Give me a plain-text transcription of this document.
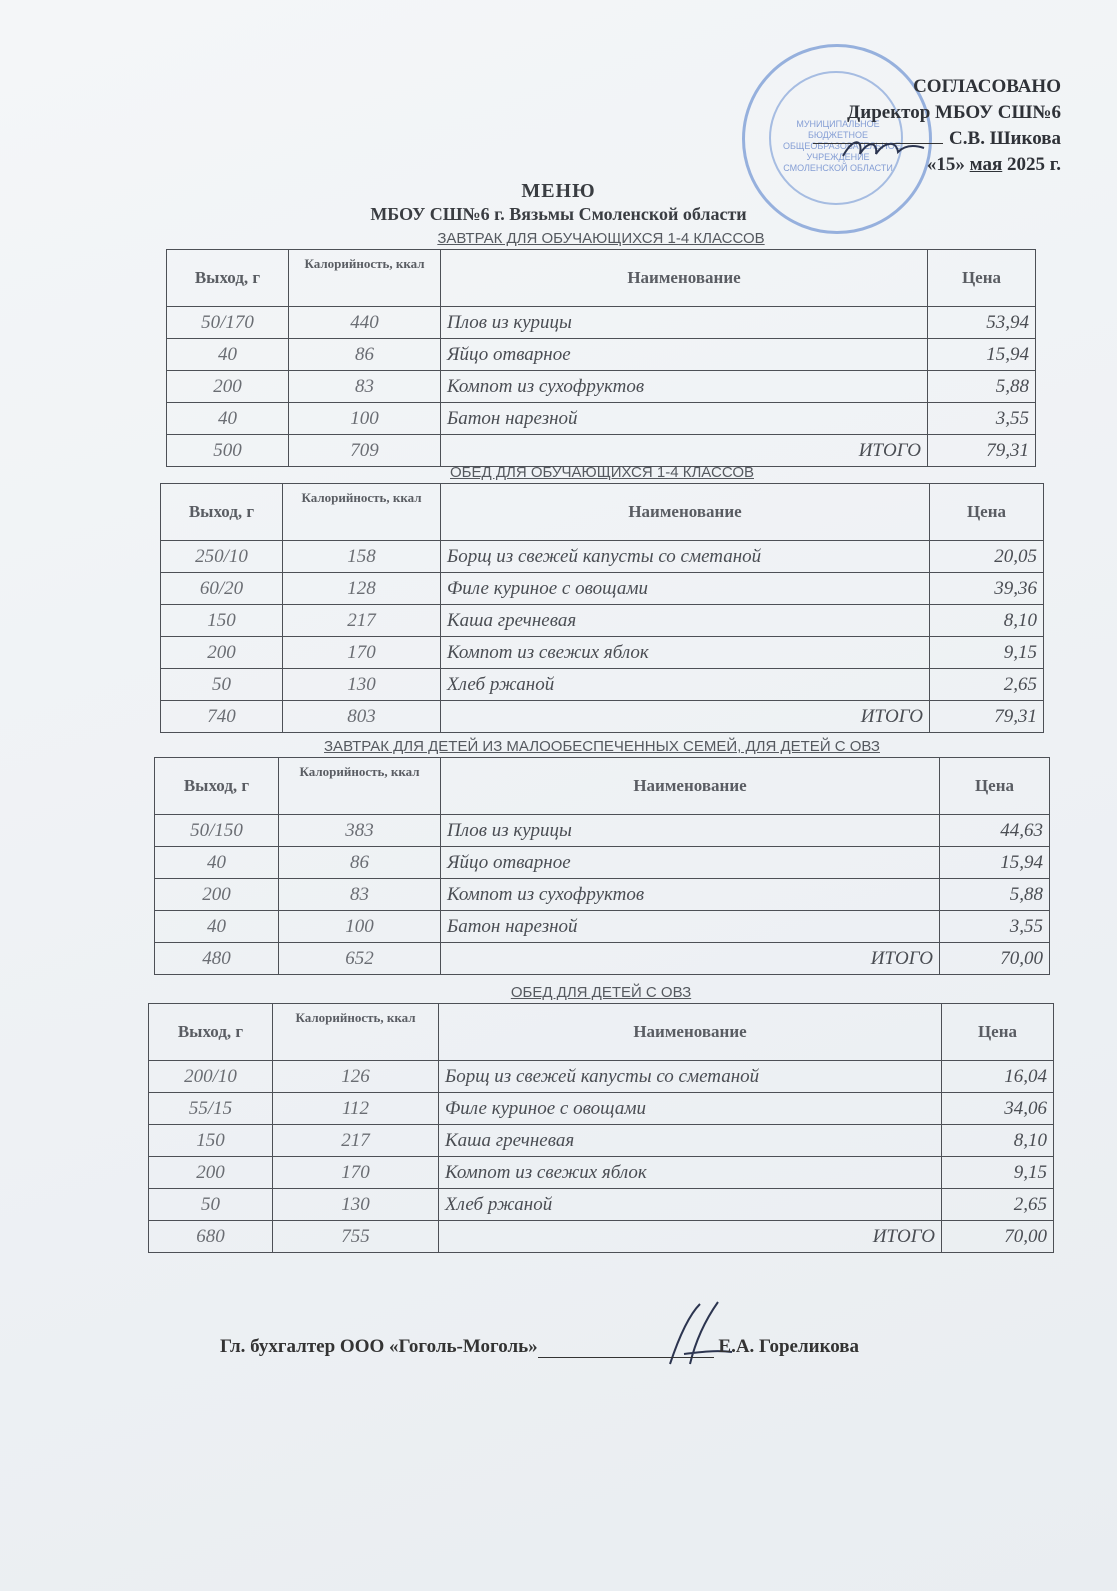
МУНИЦИПАЛЬНОЕ БЮДЖЕТНОЕ ОБЩЕОБРАЗОВАТЕЛЬНОЕ УЧРЕЖДЕНИЕ СМОЛЕНСКОЙ ОБЛАСТИ
СОГЛАСОВАНО
Директор МБОУ СШ№6
С.В. Шикова
«15» мая 2025 г.
МЕНЮ
МБОУ СШ№6 г. Вязьмы Смоленской области
ЗАВТРАК ДЛЯ ОБУЧАЮЩИХСЯ 1-4 КЛАССОВ
Выход, г	Калорийность, ккал	Наименование	Цена
50/170	440	Плов из курицы	53,94
40	86	Яйцо отварное	15,94
200	83	Компот из сухофруктов	5,88
40	100	Батон нарезной	3,55
500	709	ИТОГО	79,31
ОБЕД ДЛЯ ОБУЧАЮЩИХСЯ 1-4 КЛАССОВ
Выход, г	Калорийность, ккал	Наименование	Цена
250/10	158	Борщ из свежей капусты со сметаной	20,05
60/20	128	Филе куриное с овощами	39,36
150	217	Каша гречневая	8,10
200	170	Компот из свежих яблок	9,15
50	130	Хлеб ржаной	2,65
740	803	ИТОГО	79,31
ЗАВТРАК ДЛЯ ДЕТЕЙ ИЗ МАЛООБЕСПЕЧЕННЫХ СЕМЕЙ, ДЛЯ ДЕТЕЙ С ОВЗ
Выход, г	Калорийность, ккал	Наименование	Цена
50/150	383	Плов из курицы	44,63
40	86	Яйцо отварное	15,94
200	83	Компот из сухофруктов	5,88
40	100	Батон нарезной	3,55
480	652	ИТОГО	70,00
ОБЕД ДЛЯ ДЕТЕЙ С ОВЗ
Выход, г	Калорийность, ккал	Наименование	Цена
200/10	126	Борщ из свежей капусты со сметаной	16,04
55/15	112	Филе куриное с овощами	34,06
150	217	Каша гречневая	8,10
200	170	Компот из свежих яблок	9,15
50	130	Хлеб ржаной	2,65
680	755	ИТОГО	70,00
Гл. бухгалтер ООО «Гоголь-Моголь»	Е.А. Гореликова
